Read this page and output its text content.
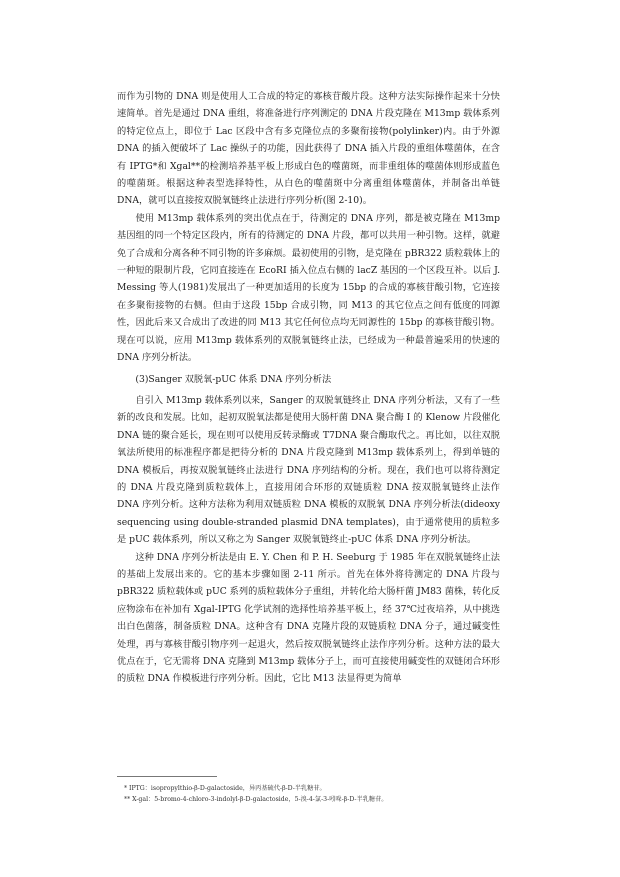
而作为引物的 DNA 则是使用人工合成的特定的寡核苷酸片段。这种方法实际操作起来十分快速简单。首先是通过 DNA 重组，将准备进行序列测定的 DNA 片段克隆在 M13mp 载体系列的特定位点上，即位于 Lac 区段中含有多克隆位点的多聚衔接物(polylinker)内。由于外源 DNA 的插入便破坏了 Lac 操纵子的功能，因此获得了 DNA 插入片段的重组体噬菌体，在含有 IPTG*和 Xgal**的检测培养基平板上形成白色的噬菌斑，而非重组体的噬菌体则形成蓝色的噬菌斑。根据这种表型选择特性，从白色的噬菌斑中分离重组体噬菌体，并制备出单链 DNA，就可以直接按双脱氧链终止法进行序列分析(图 2-10)。

使用 M13mp 载体系列的突出优点在于，待测定的 DNA 序列，都是被克隆在 M13mp 基因组的同一个特定区段内，所有的待测定的 DNA 片段，都可以共用一种引物。这样，就避免了合成和分离各种不同引物的许多麻烦。最初使用的引物，是克隆在 pBR322 质粒载体上的一种短的限制片段，它同直接连在 EcoRI 插入位点右侧的 lacZ 基因的一个区段互补。以后 J. Messing 等人(1981)发展出了一种更加适用的长度为 15bp 的合成的寡核苷酸引物，它连接在多聚衔接物的右侧。但由于这段 15bp 合成引物，同 M13 的其它位点之间有低度的同源性，因此后来又合成出了改进的同 M13 其它任何位点均无同源性的 15bp 的寡核苷酸引物。现在可以说，应用 M13mp 载体系列的双脱氧链终止法，已经成为一种最普遍采用的快速的 DNA 序列分析法。

(3)Sanger 双脱氧-pUC 体系 DNA 序列分析法

自引入 M13mp 载体系列以来，Sanger 的双脱氧链终止 DNA 序列分析法，又有了一些新的改良和发展。比如，起初双脱氧法都是使用大肠杆菌 DNA 聚合酶 I 的 Klenow 片段催化 DNA 链的聚合延长，现在则可以使用反转录酶或 T7DNA 聚合酶取代之。再比如，以往双脱氧法所使用的标准程序都是把待分析的 DNA 片段克隆到 M13mp 载体系列上，得到单链的 DNA 模板后，再按双脱氧链终止法进行 DNA 序列结构的分析。现在，我们也可以将待测定的 DNA 片段克隆到质粒载体上，直接用闭合环形的双链质粒 DNA 按双脱氧链终止法作 DNA 序列分析。这种方法称为利用双链质粒 DNA 模板的双脱氧 DNA 序列分析法(dideoxy sequencing using double-stranded plasmid DNA templates)，由于通常使用的质粒多是 pUC 载体系列，所以又称之为 Sanger 双脱氧链终止-pUC 体系 DNA 序列分析法。

这种 DNA 序列分析法是由 E. Y. Chen 和 P. H. Seeburg 于 1985 年在双脱氧链终止法的基础上发展出来的。它的基本步骤如图 2-11 所示。首先在体外将待测定的 DNA 片段与 pBR322 质粒载体或 pUC 系列的质粒载体分子重组，并转化给大肠杆菌 JM83 菌株，转化反应物涂布在补加有 Xgal-IPTG 化学试剂的选择性培养基平板上，经 37℃过夜培养，从中挑选出白色菌落，制备质粒 DNA。这种含有 DNA 克隆片段的双链质粒 DNA 分子，通过碱变性处理，再与寡核苷酸引物序列一起退火，然后按双脱氧链终止法作序列分析。这种方法的最大优点在于，它无需将 DNA 克隆到 M13mp 载体分子上，而可直接使用碱变性的双链闭合环形的质粒 DNA 作模板进行序列分析。因此，它比 M13 法显得更为简单

* IPTG：isopropylthio-β-D-galactoside，异丙基硫代-β-D-半乳糖苷。

** X-gal：5-bromo-4-chloro-3-indolyl-β-D-galactoside，5-溴-4-氯-3-吲哚-β-D-半乳糖苷。
